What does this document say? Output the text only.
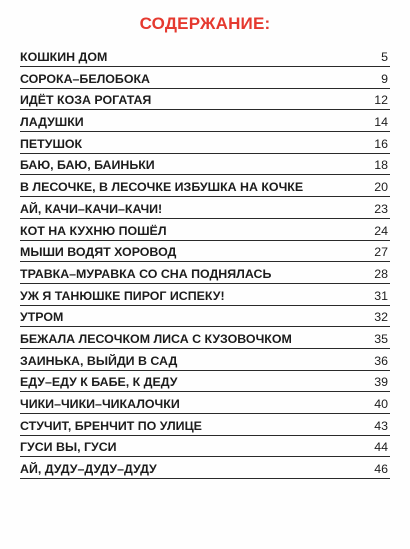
СОДЕРЖАНИЕ:
КОШКИН ДОМ	5
СОРОКА–БЕЛОБОКА	9
ИДЁТ КОЗА РОГАТАЯ	12
ЛАДУШКИ	14
ПЕТУШОК	16
БАЮ, БАЮ, БАИНЬКИ	18
В ЛЕСОЧКЕ, В ЛЕСОЧКЕ ИЗБУШКА НА КОЧКЕ	20
АЙ, КАЧИ–КАЧИ–КАЧИ!	23
КОТ НА КУХНЮ ПОШЁЛ	24
МЫШИ ВОДЯТ ХОРОВОД	27
ТРАВКА–МУРАВКА СО СНА ПОДНЯЛАСЬ	28
УЖ Я ТАНЮШКЕ ПИРОГ ИСПЕКУ!	31
УТРОМ	32
БЕЖАЛА ЛЕСОЧКОМ ЛИСА С КУЗОВОЧКОМ	35
ЗАИНЬКА, ВЫЙДИ В САД	36
ЕДУ–ЕДУ К БАБЕ, К ДЕДУ	39
ЧИКИ–ЧИКИ–ЧИКАЛОЧКИ	40
СТУЧИТ, БРЕНЧИТ ПО УЛИЦЕ	43
ГУСИ ВЫ, ГУСИ	44
АЙ, ДУДУ–ДУДУ–ДУДУ	46
